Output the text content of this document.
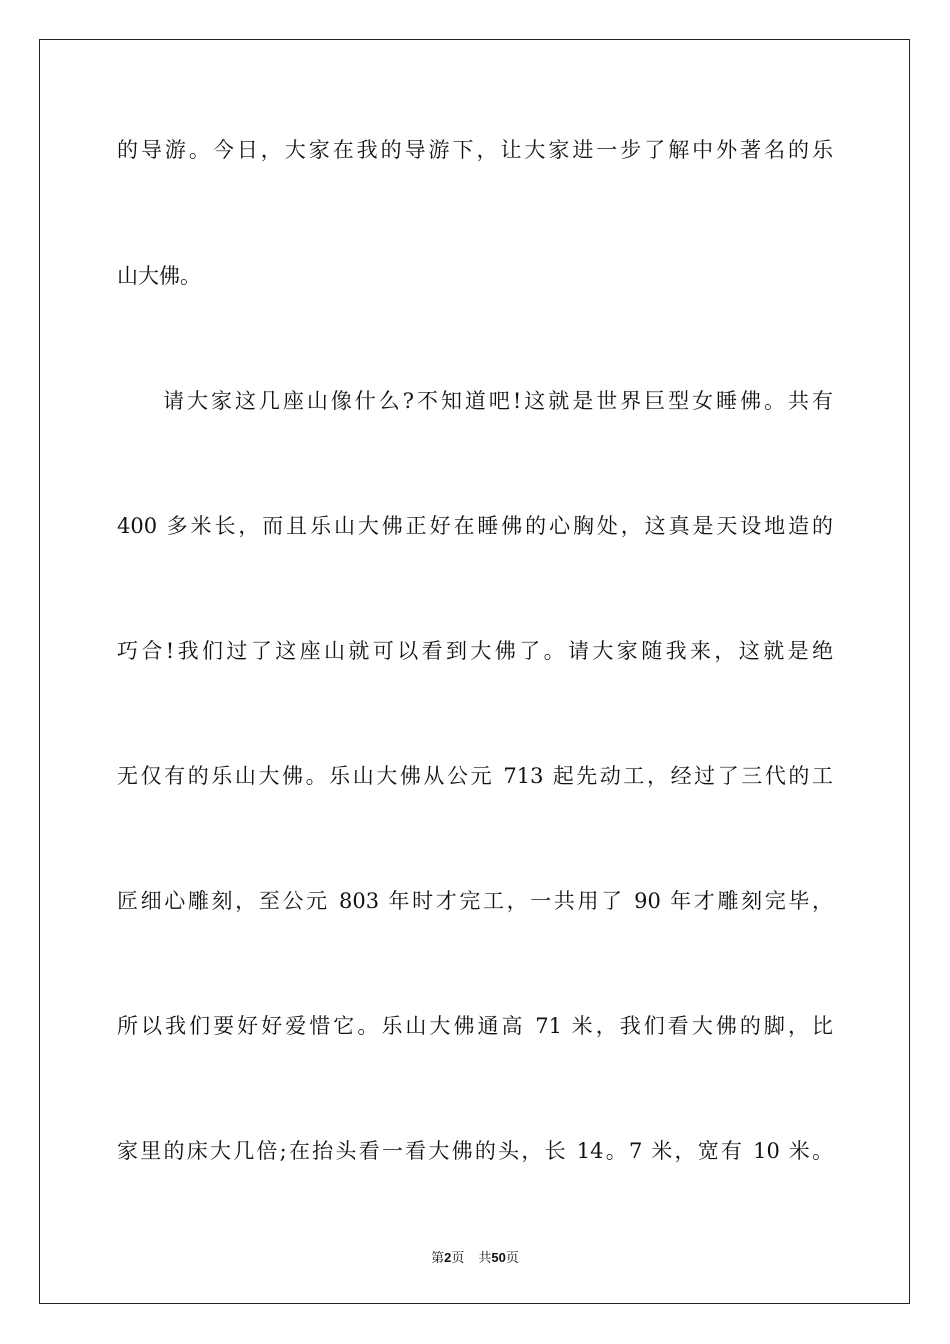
的导游。今日，大家在我的导游下，让大家进一步了解中外著名的乐
山大佛。
请大家这几座山像什么?不知道吧!这就是世界巨型女睡佛。共有
400 多米长，而且乐山大佛正好在睡佛的心胸处，这真是天设地造的
巧合!我们过了这座山就可以看到大佛了。请大家随我来，这就是绝
无仅有的乐山大佛。乐山大佛从公元 713 起先动工，经过了三代的工
匠细心雕刻，至公元 803 年时才完工，一共用了 90 年才雕刻完毕，
所以我们要好好爱惜它。乐山大佛通高 71 米，我们看大佛的脚，比
家里的床大几倍;在抬头看一看大佛的头，长 14。7 米，宽有 10 米。
第2页 共50页
